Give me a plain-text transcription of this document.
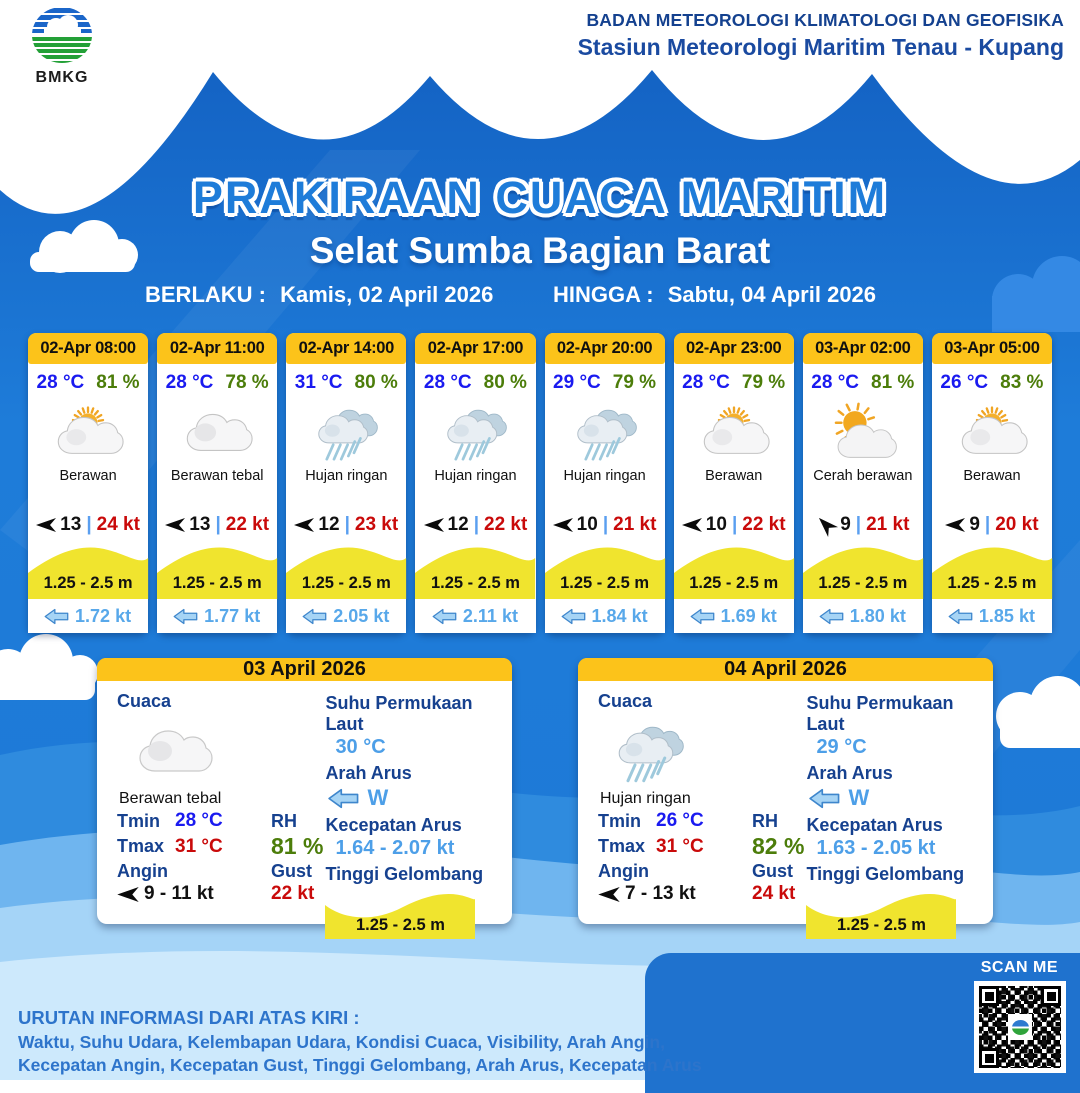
BMKG
BADAN METEOROLOGI KLIMATOLOGI DAN GEOFISIKA
Stasiun Meteorologi Maritim Tenau - Kupang
PRAKIRAAN CUACA MARITIM
Selat Sumba Bagian Barat
BERLAKU : Kamis, 02 April 2026	HINGGA : Sabtu, 04 April 2026
02-Apr 08:00
28 °C 81 %
Berawan
13 | 24 kt
1.25 - 2.5 m
1.72 kt
02-Apr 11:00
28 °C 78 %
Berawan tebal
13 | 22 kt
1.25 - 2.5 m
1.77 kt
02-Apr 14:00
31 °C 80 %
Hujan ringan
12 | 23 kt
1.25 - 2.5 m
2.05 kt
02-Apr 17:00
28 °C 80 %
Hujan ringan
12 | 22 kt
1.25 - 2.5 m
2.11 kt
02-Apr 20:00
29 °C 79 %
Hujan ringan
10 | 21 kt
1.25 - 2.5 m
1.84 kt
02-Apr 23:00
28 °C 79 %
Berawan
10 | 22 kt
1.25 - 2.5 m
1.69 kt
03-Apr 02:00
28 °C 81 %
Cerah berawan
9 | 21 kt
1.25 - 2.5 m
1.80 kt
03-Apr 05:00
26 °C 83 %
Berawan
9 | 20 kt
1.25 - 2.5 m
1.85 kt
03 April 2026
Cuaca
Berawan tebal
Tmin 28 °C	RH
Tmax 31 °C	81 %
Angin	Gust
9 - 11 kt	22 kt
Suhu Permukaan Laut
30 °C
Arah Arus
W
Kecepatan Arus
1.64 - 2.07 kt
Tinggi Gelombang
1.25 - 2.5 m
04 April 2026
Cuaca
Hujan ringan
Tmin 26 °C	RH
Tmax 31 °C	82 %
Angin	Gust
7 - 13 kt	24 kt
Suhu Permukaan Laut
29 °C
Arah Arus
W
Kecepatan Arus
1.63 - 2.05 kt
Tinggi Gelombang
1.25 - 2.5 m
SCAN ME
URUTAN INFORMASI DARI ATAS KIRI :
Waktu, Suhu Udara, Kelembapan Udara, Kondisi Cuaca, Visibility, Arah Angin,
Kecepatan Angin, Kecepatan Gust, Tinggi Gelombang, Arah Arus, Kecepatan Arus
